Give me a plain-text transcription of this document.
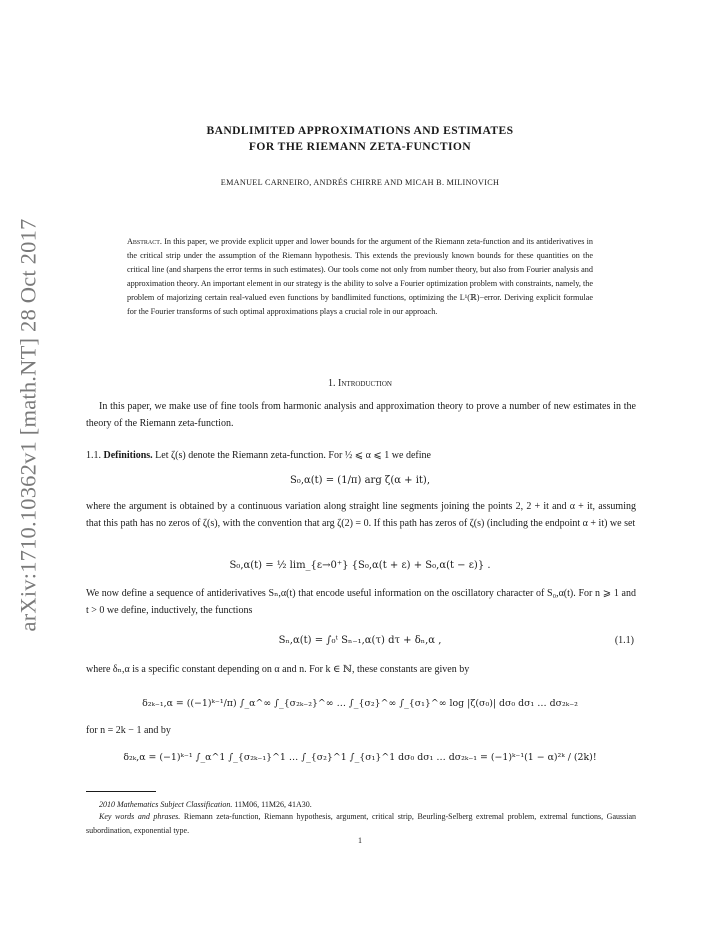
arXiv:1710.10362v1 [math.NT] 28 Oct 2017
BANDLIMITED APPROXIMATIONS AND ESTIMATES
FOR THE RIEMANN ZETA-FUNCTION
EMANUEL CARNEIRO, ANDRÉS CHIRRE AND MICAH B. MILINOVICH
Abstract. In this paper, we provide explicit upper and lower bounds for the argument of the Riemann zeta-function and its antiderivatives in the critical strip under the assumption of the Riemann hypothesis. This extends the previously known bounds for these quantities on the critical line (and sharpens the error terms in such estimates). Our tools come not only from number theory, but also from Fourier analysis and approximation theory. An important element in our strategy is the ability to solve a Fourier optimization problem with constraints, namely, the problem of majorizing certain real-valued even functions by bandlimited functions, optimizing the L¹(ℝ)−error. Deriving explicit formulae for the Fourier transforms of such optimal approximations plays a crucial role in our approach.
1. Introduction
In this paper, we make use of fine tools from harmonic analysis and approximation theory to prove a number of new estimates in the theory of the Riemann zeta-function.
1.1. Definitions. Let ζ(s) denote the Riemann zeta-function. For ½ ⩽ α ⩽ 1 we define
S₀,α(t) = (1/π) arg ζ(α + it),
where the argument is obtained by a continuous variation along straight line segments joining the points 2, 2 + it and α + it, assuming that this path has no zeros of ζ(s), with the convention that arg ζ(2) = 0. If this path has zeros of ζ(s) (including the endpoint α + it) we set
S₀,α(t) = ½ lim_{ε→0⁺} {S₀,α(t + ε) + S₀,α(t − ε)} .
We now define a sequence of antiderivatives Sₙ,α(t) that encode useful information on the oscillatory character of S₀,α(t). For n ⩾ 1 and t > 0 we define, inductively, the functions
Sₙ,α(t) = ∫₀ᵗ Sₙ₋₁,α(τ) dτ + δₙ,α ,	(1.1)
where δₙ,α is a specific constant depending on α and n. For k ∈ ℕ, these constants are given by
δ₂ₖ₋₁,α = ((−1)ᵏ⁻¹/π) ∫_α^∞ ∫_{σ₂ₖ₋₂}^∞ … ∫_{σ₂}^∞ ∫_{σ₁}^∞ log |ζ(σ₀)| dσ₀ dσ₁ … dσ₂ₖ₋₂
for n = 2k − 1 and by
δ₂ₖ,α = (−1)ᵏ⁻¹ ∫_α^1 ∫_{σ₂ₖ₋₁}^1 … ∫_{σ₂}^1 ∫_{σ₁}^1 dσ₀ dσ₁ … dσ₂ₖ₋₁ = (−1)ᵏ⁻¹(1 − α)²ᵏ / (2k)!
2010 Mathematics Subject Classification. 11M06, 11M26, 41A30.
Key words and phrases. Riemann zeta-function, Riemann hypothesis, argument, critical strip, Beurling-Selberg extremal problem, extremal functions, Gaussian subordination, exponential type.
1
